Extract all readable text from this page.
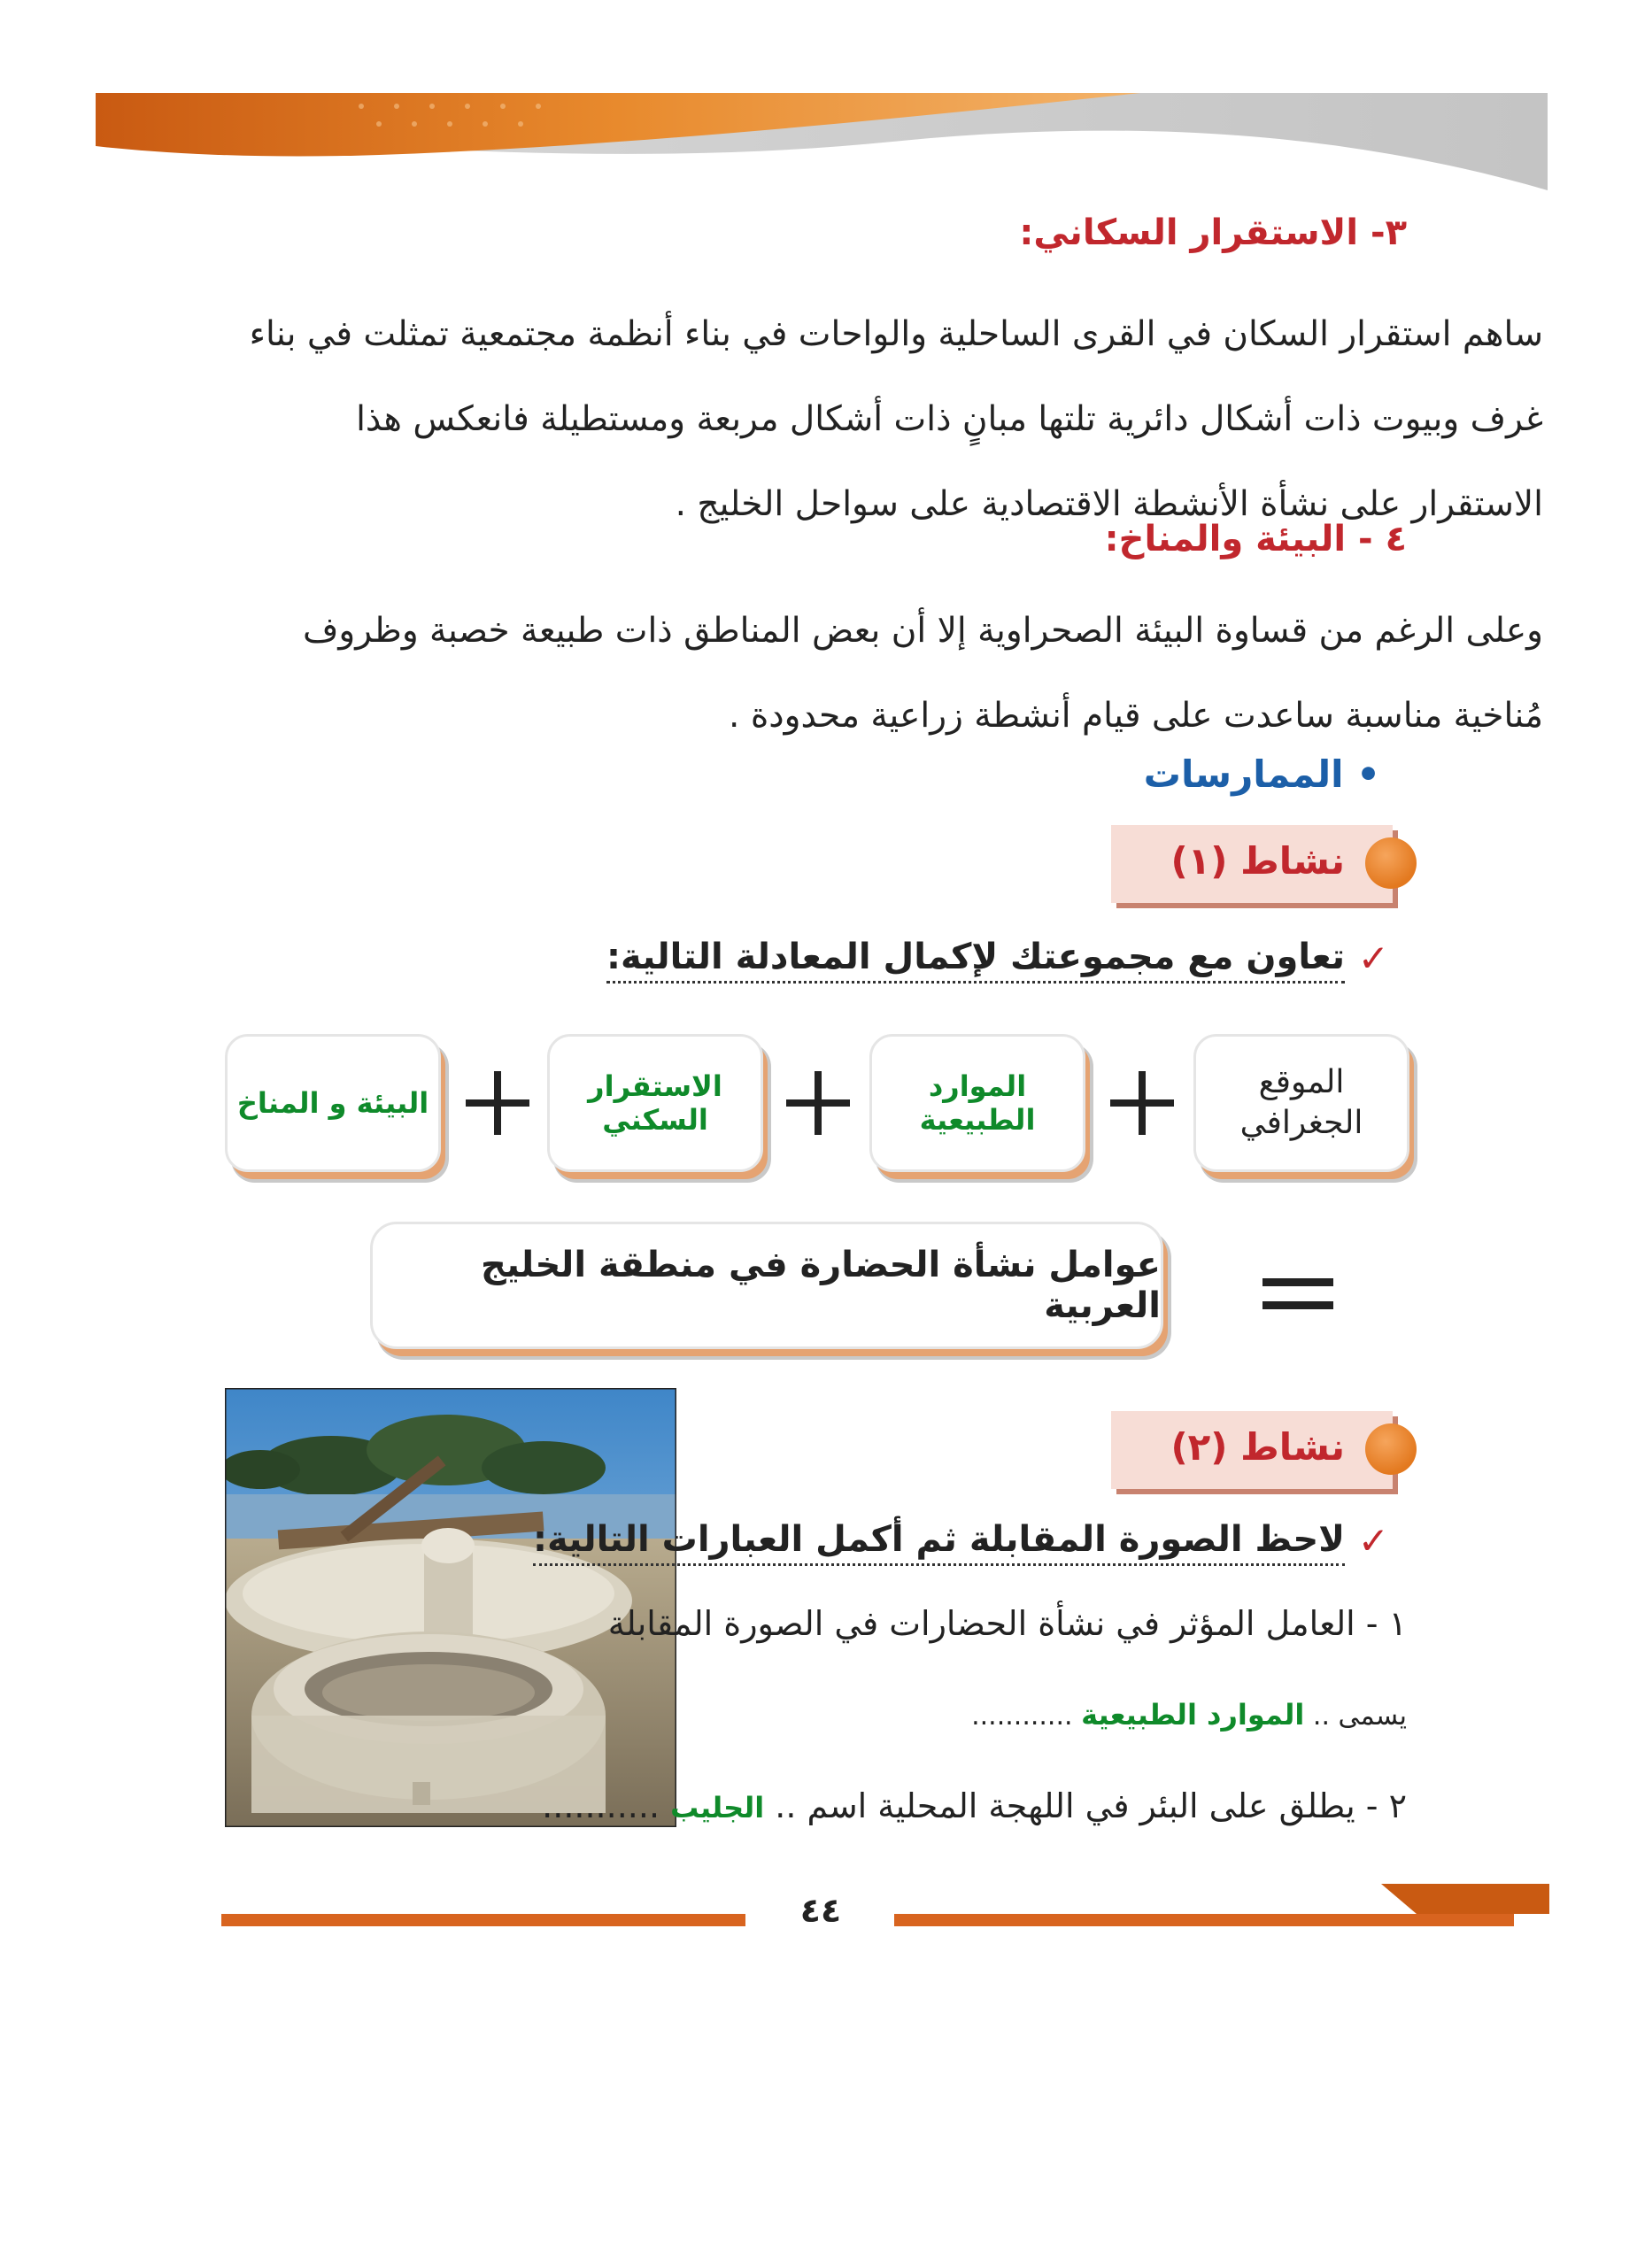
٣- الاستقرار السكاني:
ساهم استقرار السكان في القرى الساحلية والواحات في بناء أنظمة مجتمعية تمثلت في بناء
غرف وبيوت ذات أشكال دائرية تلتها مبانٍ ذات أشكال مربعة ومستطيلة فانعكس هذا
الاستقرار على نشأة الأنشطة الاقتصادية على سواحل الخليج .
٤ - البيئة والمناخ:
وعلى الرغم من قساوة البيئة الصحراوية إلا أن بعض المناطق ذات طبيعة خصبة وظروف
مُناخية مناسبة ساعدت على قيام أنشطة زراعية محدودة .
• الممارسات
نشاط (١)
✓
تعاون مع مجموعتك لإكمال المعادلة التالية:
الموقع
الجغرافي
الموارد الطبيعية
الاستقرار السكني
البيئة و المناخ
عوامل نشأة الحضارة في منطقة الخليج العربية
نشاط (٢)
✓
لاحظ الصورة المقابلة ثم أكمل العبارات التالية:
١ - العامل المؤثر في نشأة الحضارات في الصورة المقابلة
يسمى .. الموارد الطبيعية ............
٢ - يطلق على البئر في اللهجة المحلية اسم .. الجليب ...........
٤٤
